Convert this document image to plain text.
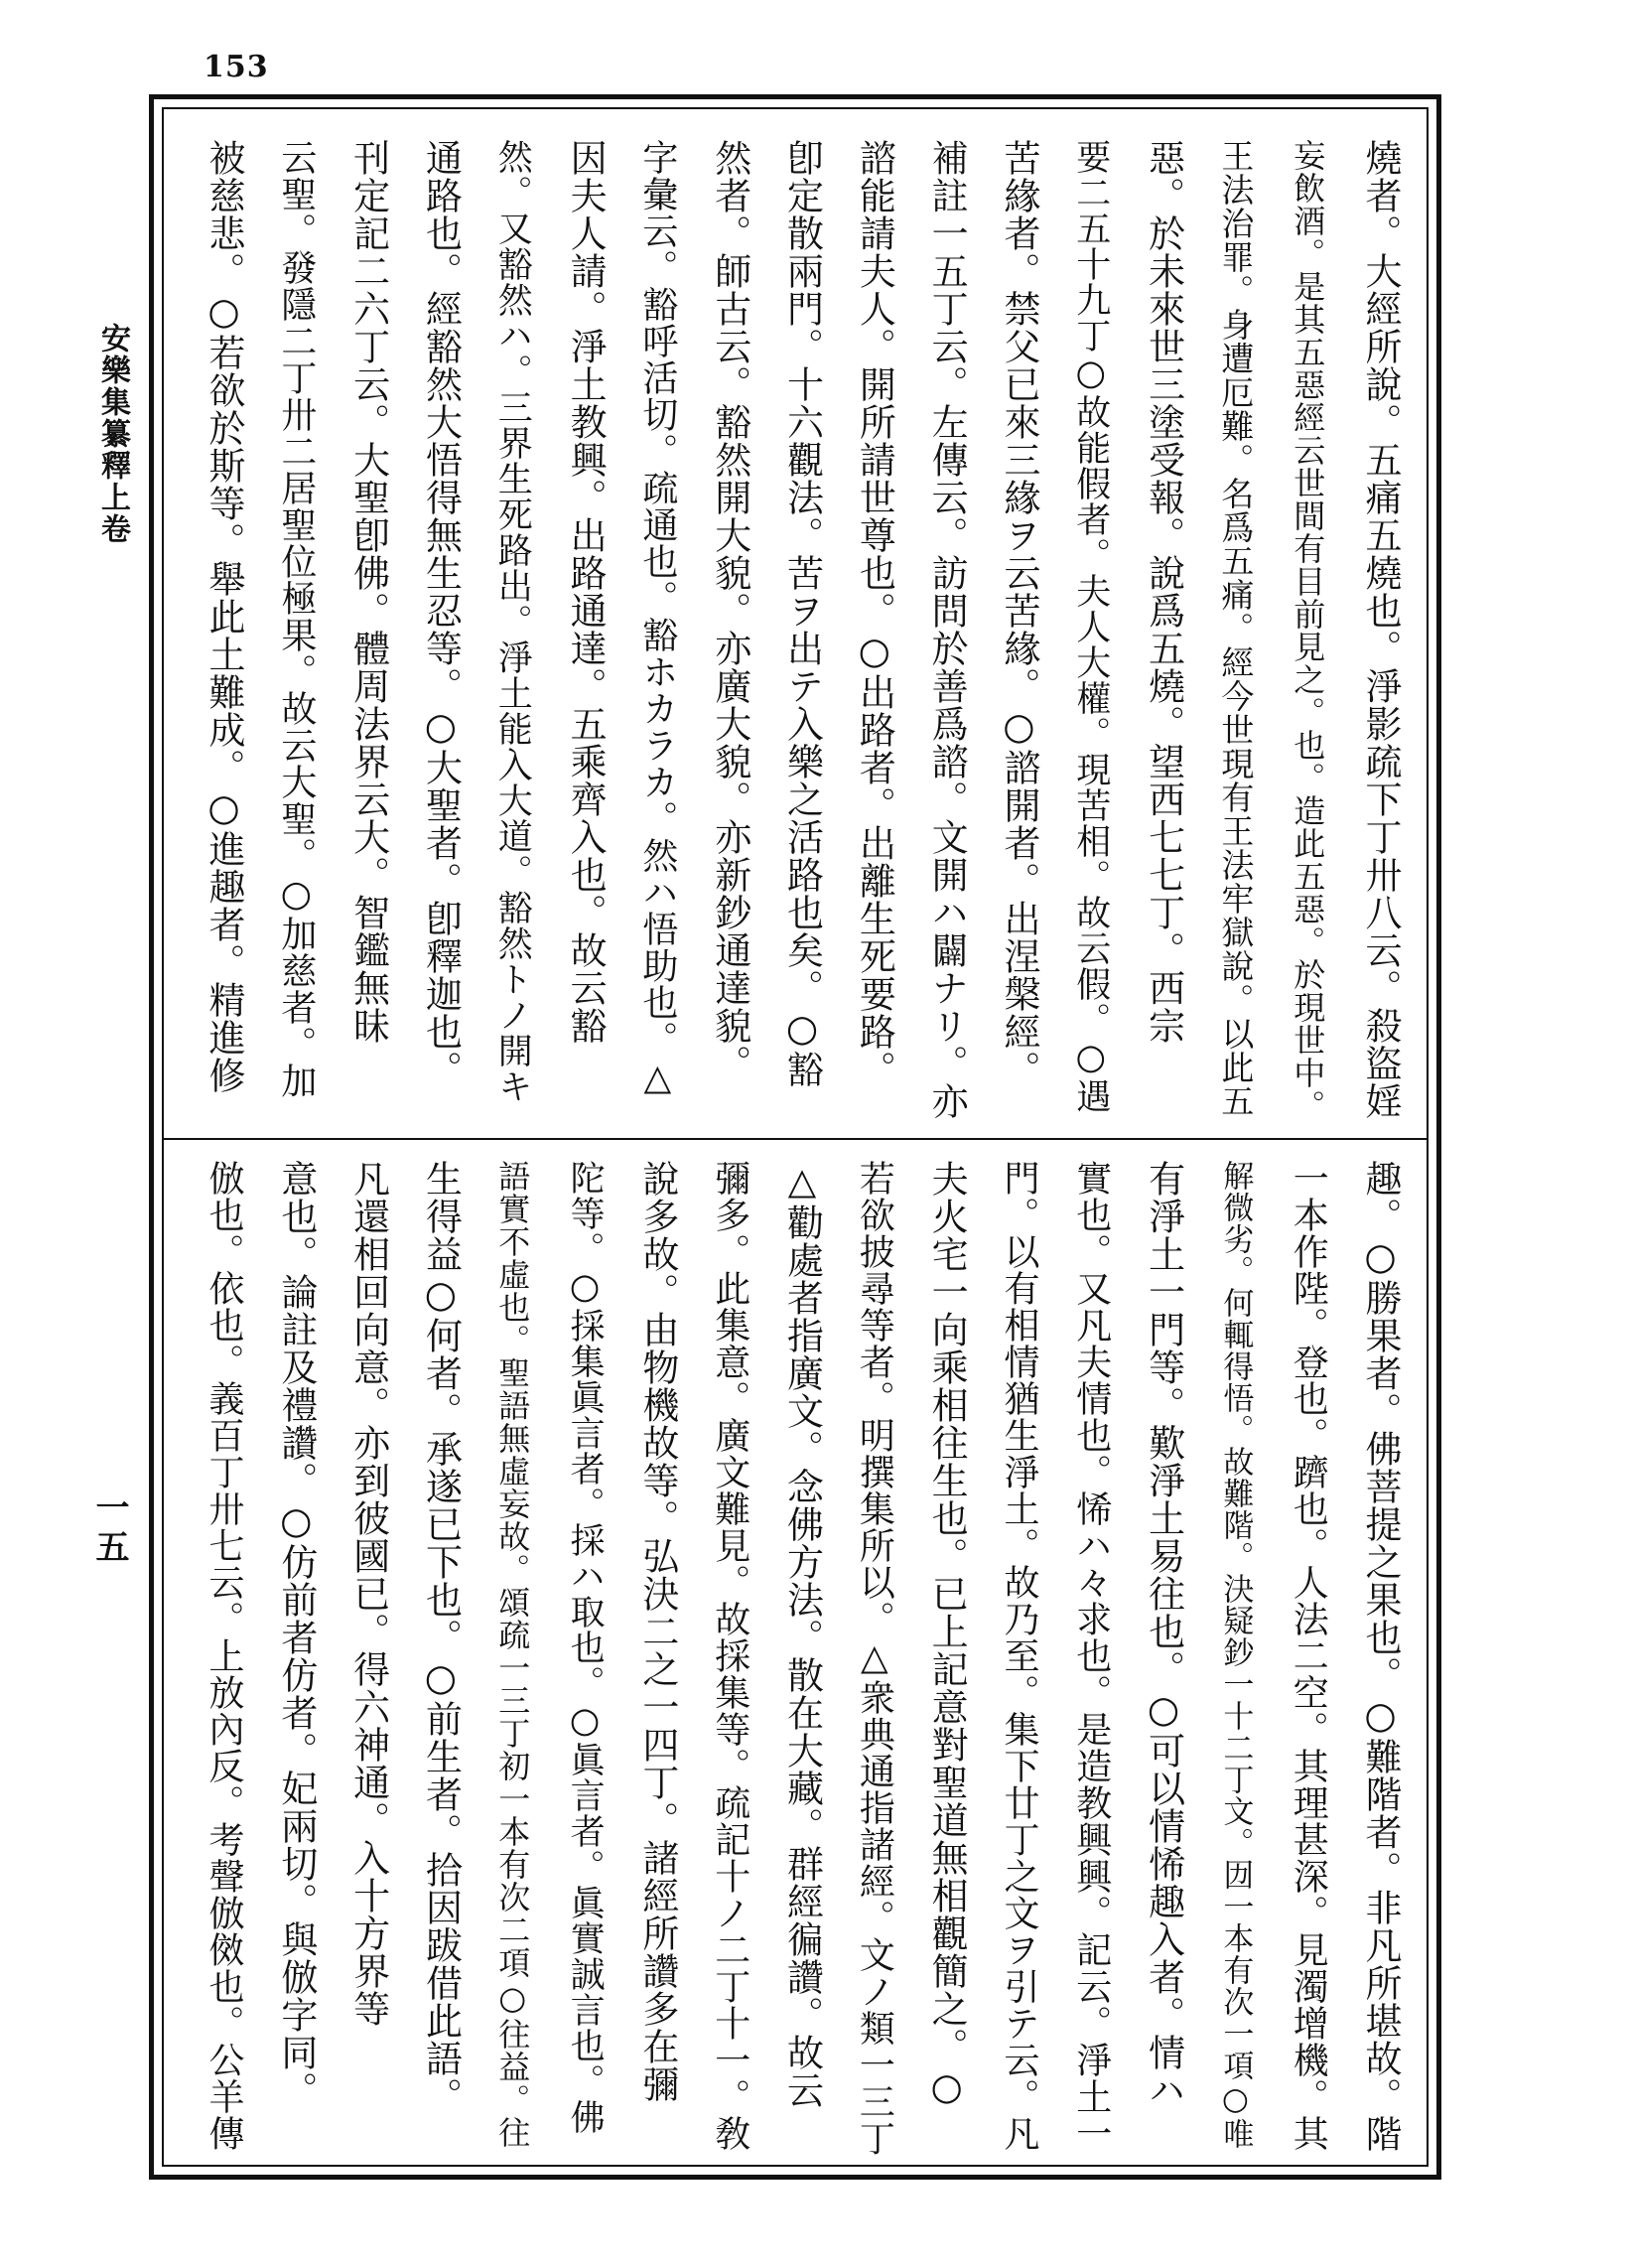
153
安樂集纂釋上卷
一五
燒者。大經所說。五痛五燒也。淨影疏下丁卅八云。殺盜婬
妄飲酒。是其五惡經云世間有目前見之。也。造此五惡。於現世中。
王法治罪。身遭厄難。名爲五痛。經今世現有王法牢獄說。以此五
惡。於未來世三塗受報。說爲五燒。望西七七丁。西宗
要二五十九丁○故能假者。夫人大權。現苦相。故云假。○遇
苦緣者。禁父已來三緣ヲ云苦緣。○諮開者。出涅槃經。
補註一五丁云。左傳云。訪問於善爲諮。文開ハ闢ナリ。亦
諮能請夫人。開所請世尊也。○出路者。出離生死要路。
卽定散兩門。十六觀法。苦ヲ出テ入樂之活路也矣。○豁
然者。師古云。豁然開大貌。亦廣大貌。亦新鈔通達貌。
字彙云。豁呼活切。疏通也。豁ホカラカ。然ハ悟助也。△
因夫人請。淨土教興。出路通達。五乘齊入也。故云豁
然。又豁然ハ。三界生死路出。淨土能入大道。豁然トノ開キ
通路也。經豁然大悟得無生忍等。○大聖者。卽釋迦也。
刊定記二六丁云。大聖卽佛。體周法界云大。智鑑無昧
云聖。發隱二丁卅二居聖位極果。故云大聖。○加慈者。加
被慈悲。○若欲於斯等。舉此土難成。○進趣者。精進修
趣。○勝果者。佛菩提之果也。○難階者。非凡所堪故。階
一本作陛。登也。躋也。人法二空。其理甚深。見濁增機。其
解微劣。何輒得悟。故難階。決疑鈔一十二丁文。㘞一本有次一項○唯
有淨土一門等。歎淨土易往也。○可以情悕趣入者。情ハ
實也。又凡夫情也。悕ハ々求也。是造教興興。記云。淨土一
門。以有相情猶生淨土。故乃至。集下廿丁之文ヲ引テ云。凡
夫火宅一向乘相往生也。已上記意對聖道無相觀簡之。○
若欲披尋等者。明撰集所以。△衆典通指諸經。文ノ類一三丁
△勸處者指廣文。念佛方法。散在大藏。群經徧讚。故云
彌多。此集意。廣文難見。故採集等。疏記十ノ二丁十一。敎
說多故。由物機故等。弘決二之一四丁。諸經所讚多在彌
陀等。○採集眞言者。採ハ取也。○眞言者。眞實誠言也。佛
語實不虛也。聖語無虛妄故。頌疏一三丁初一本有次二項○往益。往
生得益○何者。承遂已下也。○前生者。拾因跋借此語。
凡還相回向意。亦到彼國已。得六神通。入十方界等
意也。論註及禮讚。○仿前者仿者。妃兩切。與倣字同。
倣也。依也。義百丁卅七云。上放內反。考聲倣傚也。公羊傳
